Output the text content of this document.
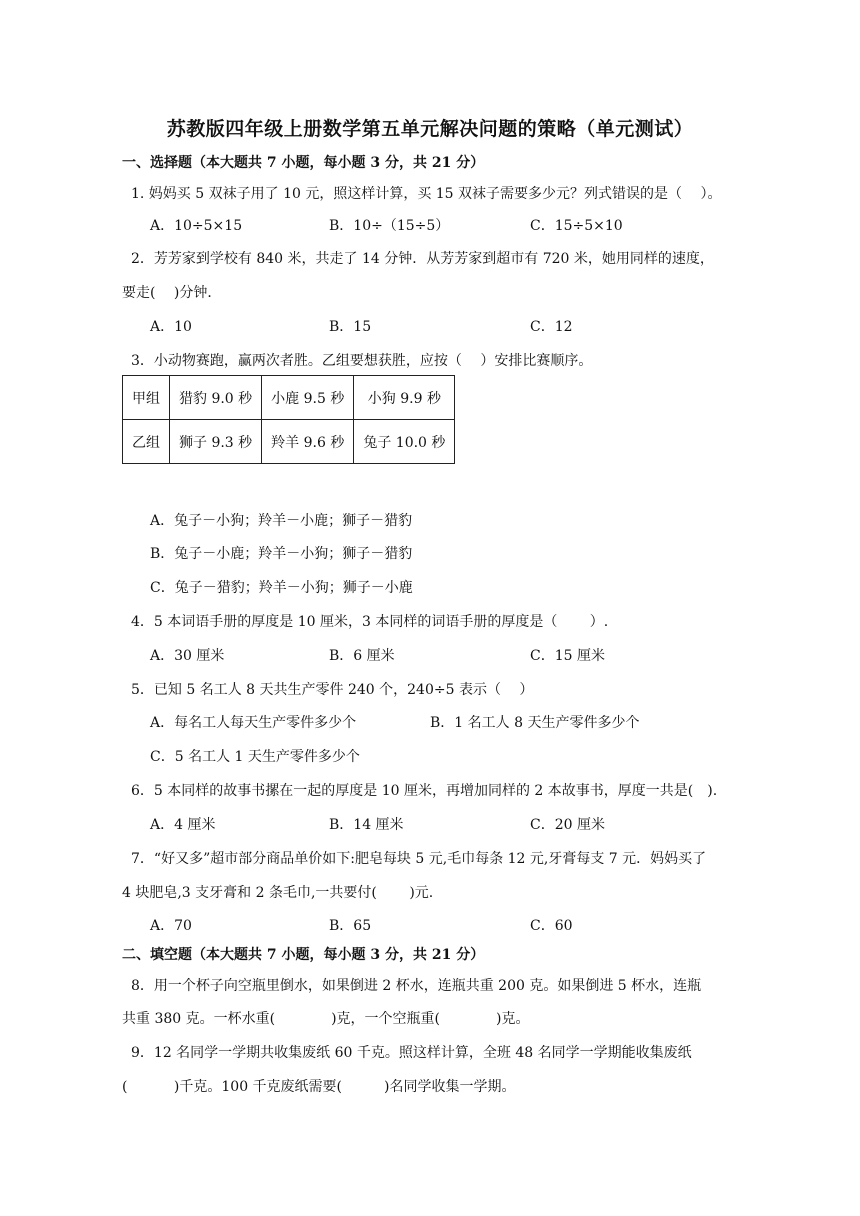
苏教版四年级上册数学第五单元解决问题的策略（单元测试）
一、选择题（本大题共 7 小题，每小题 3 分，共 21 分）
1. 妈妈买 5 双袜子用了 10 元，照这样计算，买 15 双袜子需要多少元？列式错误的是（　 ）。
A．10÷5×15	B．10÷（15÷5）	C．15÷5×10
2．芳芳家到学校有 840 米，共走了 14 分钟．从芳芳家到超市有 720 米，她用同样的速度，
要走(　 )分钟．
A．10	B．15	C．12
3．小动物赛跑，赢两次者胜。乙组要想获胜，应按（　 ）安排比赛顺序。
甲组	猎豹 9.0 秒	小鹿 9.5 秒	小狗 9.9 秒
乙组	狮子 9.3 秒	羚羊 9.6 秒	兔子 10.0 秒
A．兔子－小狗；羚羊－小鹿；狮子－猎豹
B．兔子－小鹿；羚羊－小狗；狮子－猎豹
C．兔子－猎豹；羚羊－小狗；狮子－小鹿
4．5 本词语手册的厚度是 10 厘米，3 本同样的词语手册的厚度是（　　 ）.
A．30 厘米	B．6 厘米	C．15 厘米
5．已知 5 名工人 8 天共生产零件 240 个，240÷5 表示（　 ）
A．每名工人每天生产零件多少个	B．1 名工人 8 天生产零件多少个
C．5 名工人 1 天生产零件多少个
6．5 本同样的故事书摞在一起的厚度是 10 厘米，再增加同样的 2 本故事书，厚度一共是(　).
A．4 厘米	B．14 厘米	C．20 厘米
7．“好又多”超市部分商品单价如下:肥皂每块 5 元,毛巾每条 12 元,牙膏每支 7 元．妈妈买了
4 块肥皂,3 支牙膏和 2 条毛巾,一共要付(　　 )元.
A．70	B．65	C．60
二、填空题（本大题共 7 小题，每小题 3 分，共 21 分）
8．用一个杯子向空瓶里倒水，如果倒进 2 杯水，连瓶共重 200 克。如果倒进 5 杯水，连瓶
共重 380 克。一杯水重(　　　　)克，一个空瓶重(　　　　)克。
9．12 名同学一学期共收集废纸 60 千克。照这样计算，全班 48 名同学一学期能收集废纸
(　　　 )千克。100 千克废纸需要(　　　)名同学收集一学期。
